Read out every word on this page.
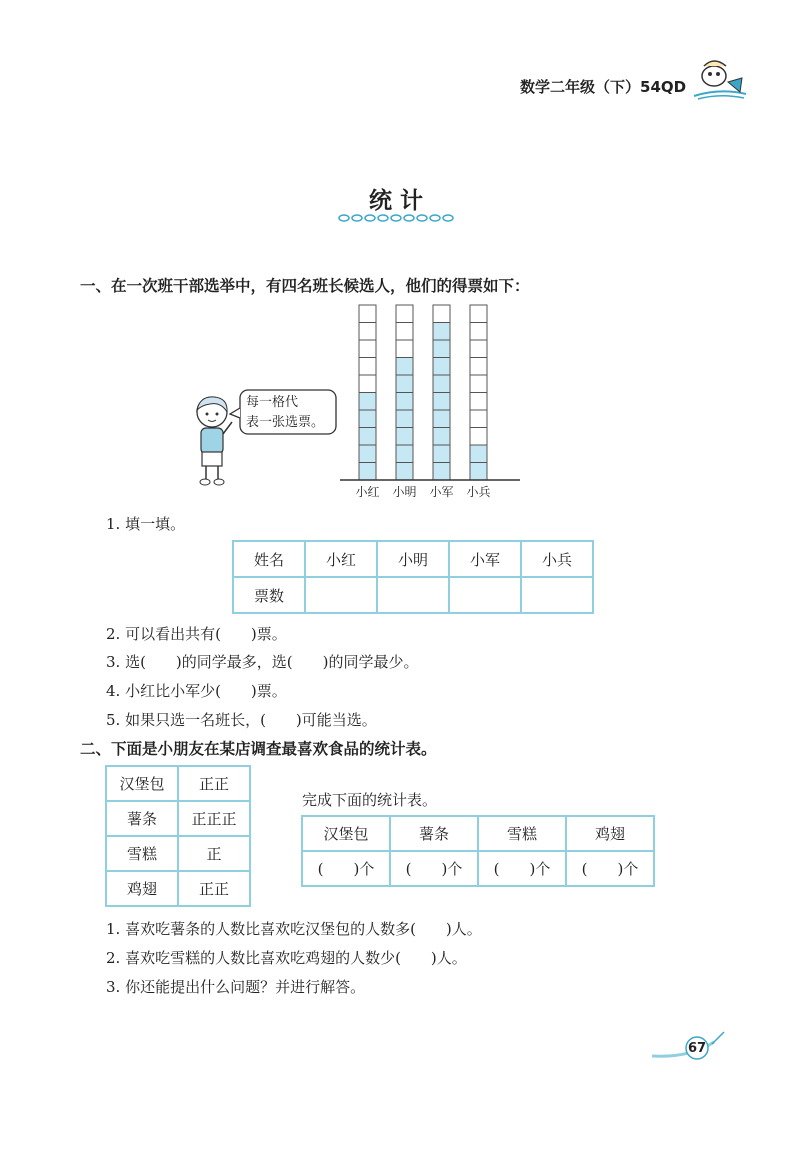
数学二年级（下）54QD
统计
一、在一次班干部选举中，有四名班长候选人，他们的得票如下：
每一格代
表一张选票。
小红 小明 小军 小兵
1. 填一填。
姓名	小红	小明	小军	小兵
票数				
2. 可以看出共有(　　)票。
3. 选(　　)的同学最多，选(　　)的同学最少。
4. 小红比小军少(　　)票。
5. 如果只选一名班长，(　　)可能当选。
二、下面是小朋友在某店调查最喜欢食品的统计表。
汉堡包	正正
薯条	正正正
雪糕	正
鸡翅	正正
完成下面的统计表。
汉堡包	薯条	雪糕	鸡翅
(　　)个	(　　)个	(　　)个	(　　)个
1. 喜欢吃薯条的人数比喜欢吃汉堡包的人数多(　　)人。
2. 喜欢吃雪糕的人数比喜欢吃鸡翅的人数少(　　)人。
3. 你还能提出什么问题？并进行解答。
67
